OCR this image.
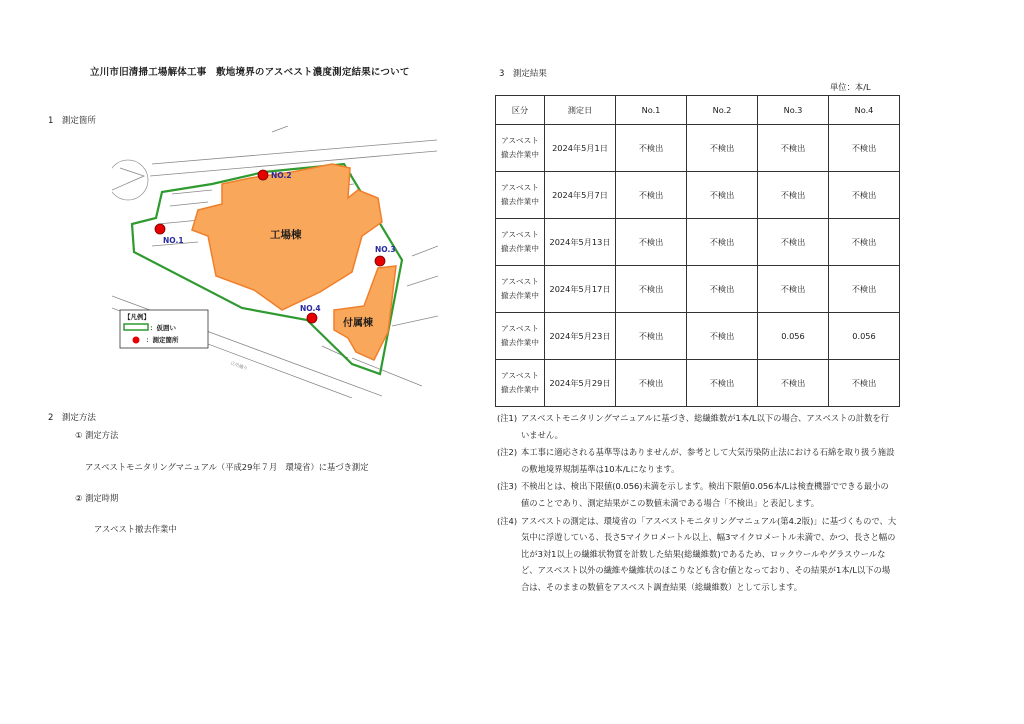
立川市旧清掃工場解体工事　敷地境界のアスベスト濃度測定結果について
1　測定箇所
工場棟
付属棟
NO.1
NO.2
NO.3
NO.4
【凡例】
：仮囲い
：測定箇所
立川通り
2　測定方法
① 測定方法
アスベストモニタリングマニュアル（平成29年７月　環境省）に基づき測定
② 測定時期
アスベスト撤去作業中
3　測定結果
単位：本/L
区分	測定日	No.1	No.2	No.3	No.4
アスベスト
撤去作業中	2024年5月1日	不検出	不検出	不検出	不検出
アスベスト
撤去作業中	2024年5月7日	不検出	不検出	不検出	不検出
アスベスト
撤去作業中	2024年5月13日	不検出	不検出	不検出	不検出
アスベスト
撤去作業中	2024年5月17日	不検出	不検出	不検出	不検出
アスベスト
撤去作業中	2024年5月23日	不検出	不検出	0.056	0.056
アスベスト
撤去作業中	2024年5月29日	不検出	不検出	不検出	不検出
(注1) アスベストモニタリングマニュアルに基づき、総繊維数が1本/L以下の場合、アスベストの計数を行いません。
(注2) 本工事に適応される基準等はありませんが、参考として大気汚染防止法における石綿を取り扱う施設の敷地境界規制基準は10本/Lになります。
(注3) 不検出とは、検出下限値(0.056)未満を示します。検出下限値0.056本/Lは検査機器でできる最小の値のことであり、測定結果がこの数値未満である場合「不検出」と表記します。
(注4) アスベストの測定は、環境省の「アスベストモニタリングマニュアル(第4.2版)」に基づくもので、大気中に浮遊している、長さ5マイクロメートル以上、幅3マイクロメートル未満で、かつ、長さと幅の比が3対1以上の繊維状物質を計数した結果(総繊維数)であるため、ロックウールやグラスウールなど、アスベスト以外の繊維や繊維状のほこりなども含む値となっており、その結果が1本/L以下の場合は、そのままの数値をアスベスト調査結果（総繊維数）として示します。
